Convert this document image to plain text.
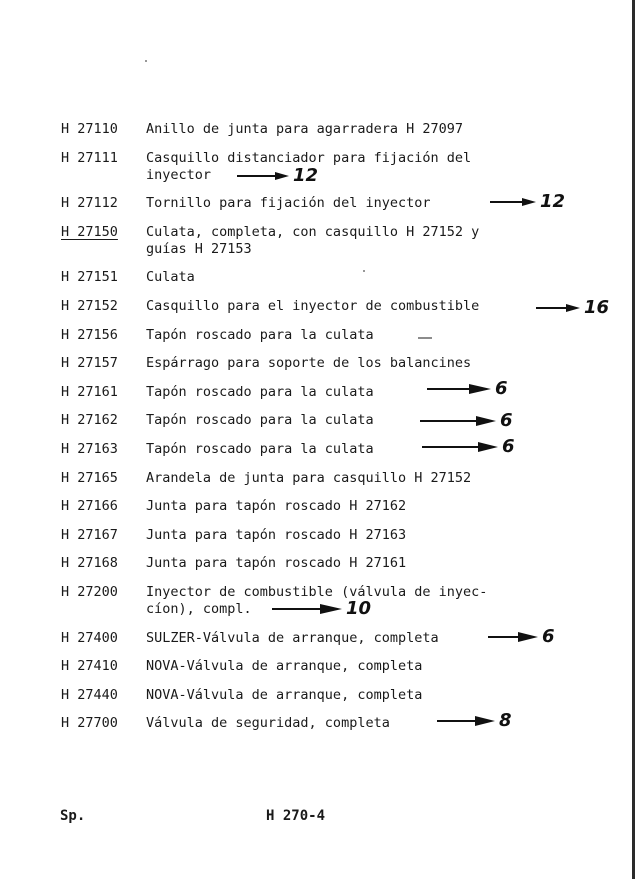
H 27110	Anillo de junta para agarradera H 27097
H 27111	Casquillo distanciador para fijación del
inyector	12
H 27112	Tornillo para fijación del inyector	12
H 27150	Culata, completa, con casquillo H 27152 y
guías H 27153
H 27151	Culata
H 27152	Casquillo para el inyector de combustible	16
H 27156	Tapón roscado para la culata
H 27157	Espárrago para soporte de los balancines
H 27161	Tapón roscado para la culata	6
H 27162	Tapón roscado para la culata	6
H 27163	Tapón roscado para la culata	6
H 27165	Arandela de junta para casquillo H 27152
H 27166	Junta para tapón roscado H 27162
H 27167	Junta para tapón roscado H 27163
H 27168	Junta para tapón roscado H 27161
H 27200	Inyector de combustible (válvula de inyec-
cíon), compl.	10
H 27400	SULZER-Válvula de arranque, completa	6
H 27410	NOVA-Válvula de arranque, completa
H 27440	NOVA-Válvula de arranque, completa
H 27700	Válvula de seguridad, completa	8
Sp.	H 270-4
